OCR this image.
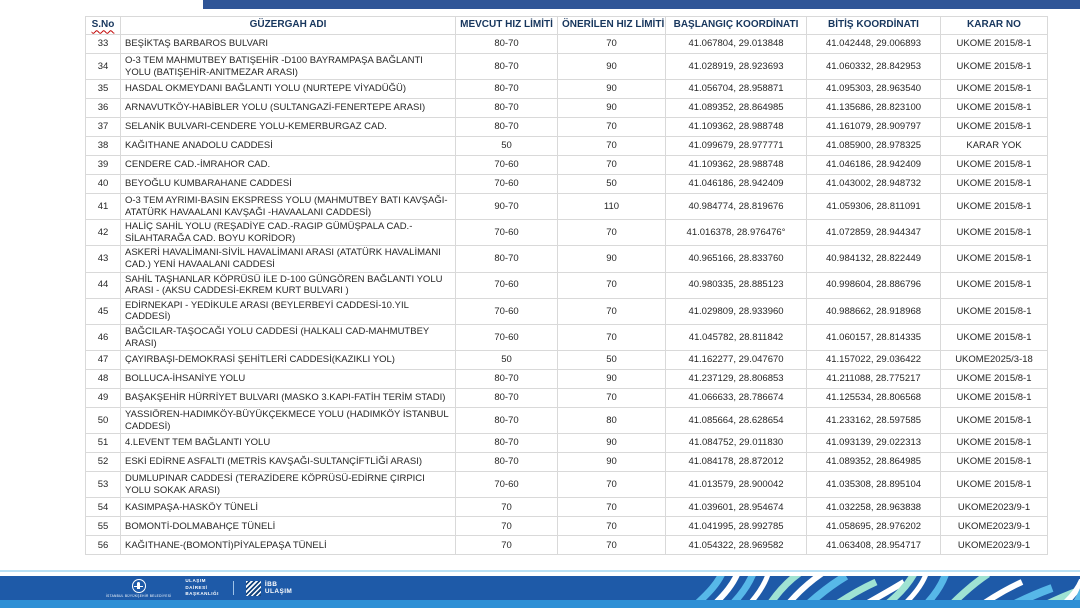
S.No	GÜZERGAH ADI	MEVCUT HIZ LİMİTİ	ÖNERİLEN HIZ LİMİTİ	BAŞLANGIÇ KOORDİNATI	BİTİŞ KOORDİNATI	KARAR NO
33	BEŞİKTAŞ BARBAROS BULVARI	80-70	70	41.067804, 29.013848	41.042448, 29.006893	UKOME 2015/8-1
34	O-3 TEM MAHMUTBEY BATIŞEHİR -D100 BAYRAMPAŞA BAĞLANTI YOLU (BATIŞEHİR-ANITMEZAR ARASI)	80-70	90	41.028919, 28.923693	41.060332, 28.842953	UKOME 2015/8-1
35	HASDAL OKMEYDANI BAĞLANTI YOLU (NURTEPE VİYADÜĞÜ)	80-70	90	41.056704, 28.958871	41.095303, 28.963540	UKOME 2015/8-1
36	ARNAVUTKÖY-HABİBLER YOLU (SULTANGAZİ-FENERTEPE ARASI)	80-70	90	41.089352, 28.864985	41.135686, 28.823100	UKOME 2015/8-1
37	SELANİK BULVARI-CENDERE YOLU-KEMERBURGAZ CAD.	80-70	70	41.109362, 28.988748	41.161079, 28.909797	UKOME 2015/8-1
38	KAĞITHANE ANADOLU CADDESİ	50	70	41.099679, 28.977771	41.085900, 28.978325	KARAR YOK
39	CENDERE CAD.-İMRAHOR CAD.	70-60	70	41.109362, 28.988748	41.046186, 28.942409	UKOME 2015/8-1
40	BEYOĞLU KUMBARAHANE CADDESİ	70-60	50	41.046186, 28.942409	41.043002, 28.948732	UKOME 2015/8-1
41	O-3 TEM AYRIMI-BASIN EKSPRESS YOLU (MAHMUTBEY BATI KAVŞAĞI-ATATÜRK HAVAALANI KAVŞAĞI -HAVAALANI CADDESİ)	90-70	110	40.984774, 28.819676	41.059306, 28.811091	UKOME 2015/8-1
42	HALİÇ SAHİL YOLU (REŞADİYE CAD.-RAGIP GÜMÜŞPALA CAD.-SİLAHTARAĞA CAD. BOYU KORİDOR)	70-60	70	41.016378, 28.976476°	41.072859, 28.944347	UKOME 2015/8-1
43	ASKERİ HAVALİMANI-SİVİL HAVALİMANI ARASI (ATATÜRK HAVALİMANI CAD.) YENİ HAVAALANI CADDESİ	80-70	90	40.965166, 28.833760	40.984132, 28.822449	UKOME 2015/8-1
44	SAHİL TAŞHANLAR KÖPRÜSÜ İLE D-100 GÜNGÖREN BAĞLANTI YOLU ARASI - (AKSU CADDESİ-EKREM KURT BULVARI )	70-60	70	40.980335, 28.885123	40.998604, 28.886796	UKOME 2015/8-1
45	EDİRNEKAPI - YEDİKULE ARASI (BEYLERBEYİ CADDESİ-10.YIL CADDESİ)	70-60	70	41.029809, 28.933960	40.988662, 28.918968	UKOME 2015/8-1
46	BAĞCILAR-TAŞOCAĞI YOLU CADDESİ (HALKALI CAD-MAHMUTBEY ARASI)	70-60	70	41.045782, 28.811842	41.060157, 28.814335	UKOME 2015/8-1
47	ÇAYIRBAŞI-DEMOKRASİ ŞEHİTLERİ CADDESİ(KAZIKLI YOL)	50	50	41.162277, 29.047670	41.157022, 29.036422	UKOME2025/3-18
48	BOLLUCA-İHSANİYE YOLU	80-70	90	41.237129, 28.806853	41.211088, 28.775217	UKOME 2015/8-1
49	BAŞAKŞEHİR HÜRRİYET BULVARI (MASKO 3.KAPI-FATİH TERİM STADI)	80-70	70	41.066633, 28.786674	41.125534, 28.806568	UKOME 2015/8-1
50	YASSIÖREN-HADIMKÖY-BÜYÜKÇEKMECE YOLU (HADIMKÖY İSTANBUL CADDESİ)	80-70	80	41.085664, 28.628654	41.233162, 28.597585	UKOME 2015/8-1
51	4.LEVENT TEM BAĞLANTI YOLU	80-70	90	41.084752, 29.011830	41.093139, 29.022313	UKOME 2015/8-1
52	ESKİ EDİRNE ASFALTI (METRİS KAVŞAĞI-SULTANÇİFTLİĞİ ARASI)	80-70	90	41.084178, 28.872012	41.089352, 28.864985	UKOME 2015/8-1
53	DUMLUPINAR CADDESİ (TERAZİDERE KÖPRÜSÜ-EDİRNE ÇIRPICI YOLU SOKAK ARASI)	70-60	70	41.013579, 28.900042	41.035308, 28.895104	UKOME 2015/8-1
54	KASIMPAŞA-HASKÖY TÜNELİ	70	70	41.039601, 28.954674	41.032258, 28.963838	UKOME2023/9-1
55	BOMONTİ-DOLMABAHÇE TÜNELİ	70	70	41.041995, 28.992785	41.058695, 28.976202	UKOME2023/9-1
56	KAĞITHANE-(BOMONTİ)PİYALEPAŞA TÜNELİ	70	70	41.054322, 28.969582	41.063408, 28.954717	UKOME2023/9-1
İSTANBUL BÜYÜKŞEHİR BELEDİYESİ
ULAŞIM
DAİRESİ
BAŞKANLIĞI
İBB
ULAŞIM
